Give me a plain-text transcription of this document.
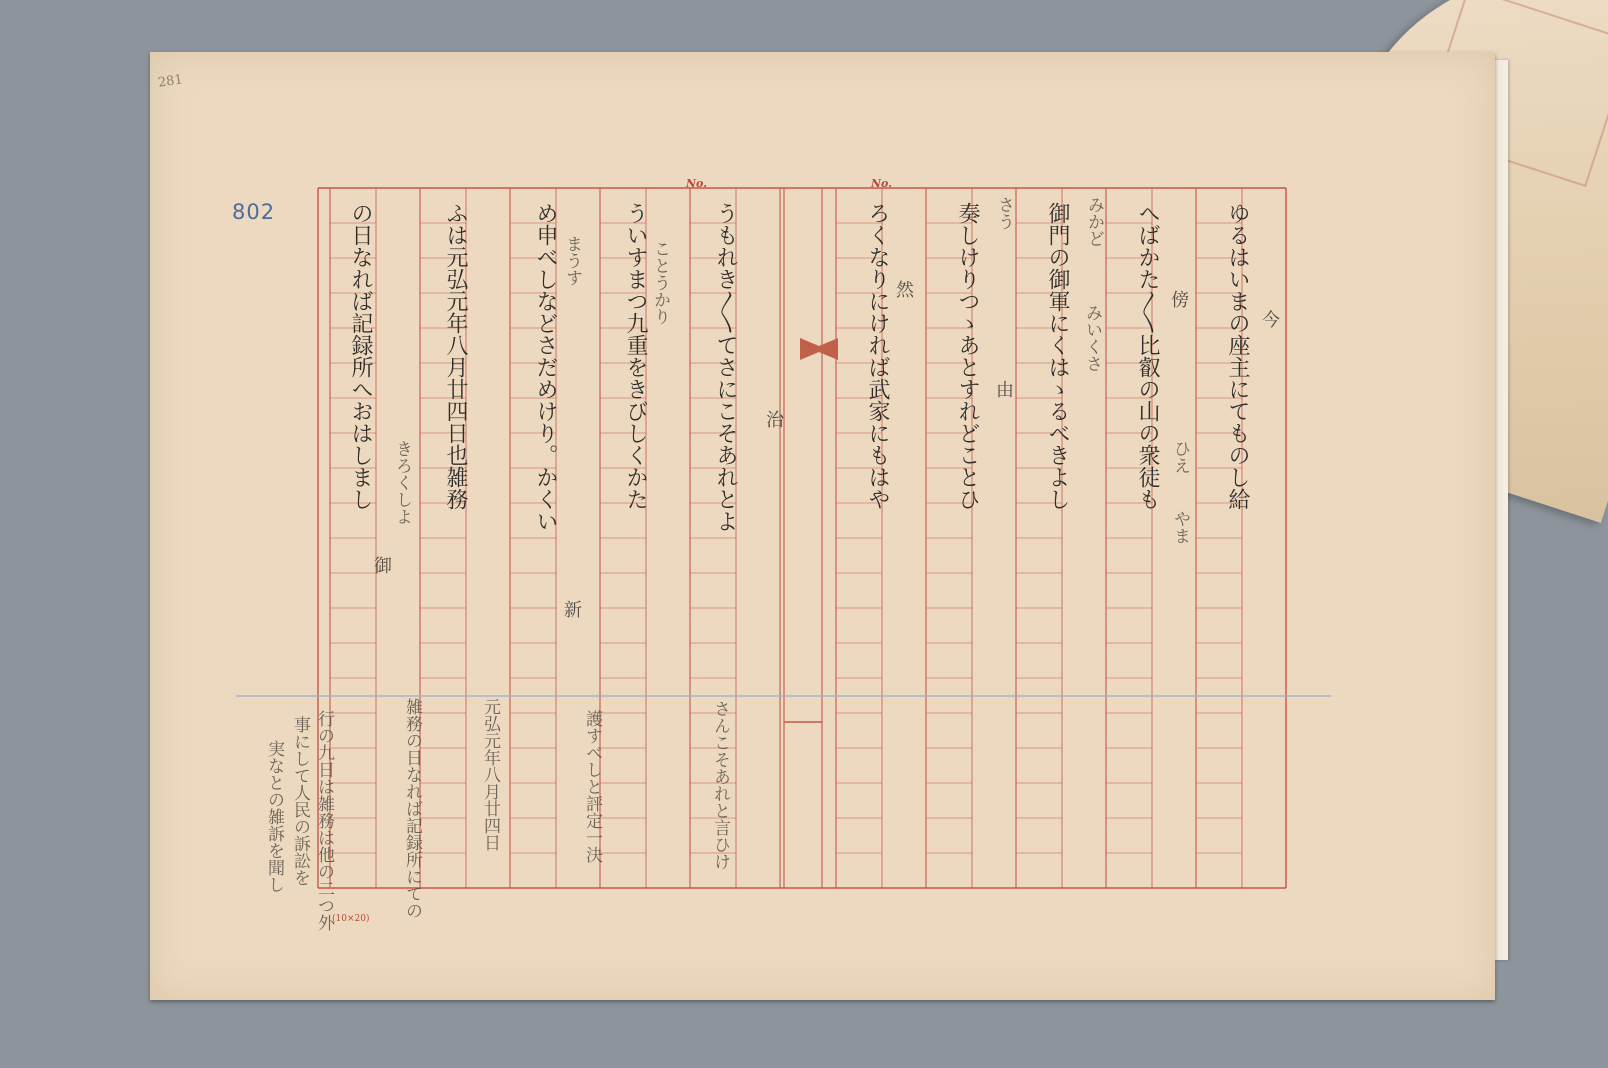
281
802
No.	No.
ゆるはいまの座主にてものし給
へばかた〳〵比叡の山の衆徒も
御門の御軍にくはゝるべきよし
奏しけりつゝあとすれどことひ
ろくなりにければ武家にもはや
うもれき〳〵てさにこそあれとよ
ういすまつ九重をきびしくかた
め申べしなどさだめけり。かくい
ふは元弘元年八月廿四日也雑務
の日なれば記録所へおはしまし	今
傍
みかど
みいくさ
ひえ
やま
さう
由
然
治
ことうかり
まうす
きろくしよ
新
御
雑務の日なれば記録所にての	元弘元年八月廿四日
行の九日は雑務は他の二つ外
事にして人民の訴訟を
実なとの雑訴を聞し	さんこそあれと言ひけ
護すべしと評定一決
(10×20)
